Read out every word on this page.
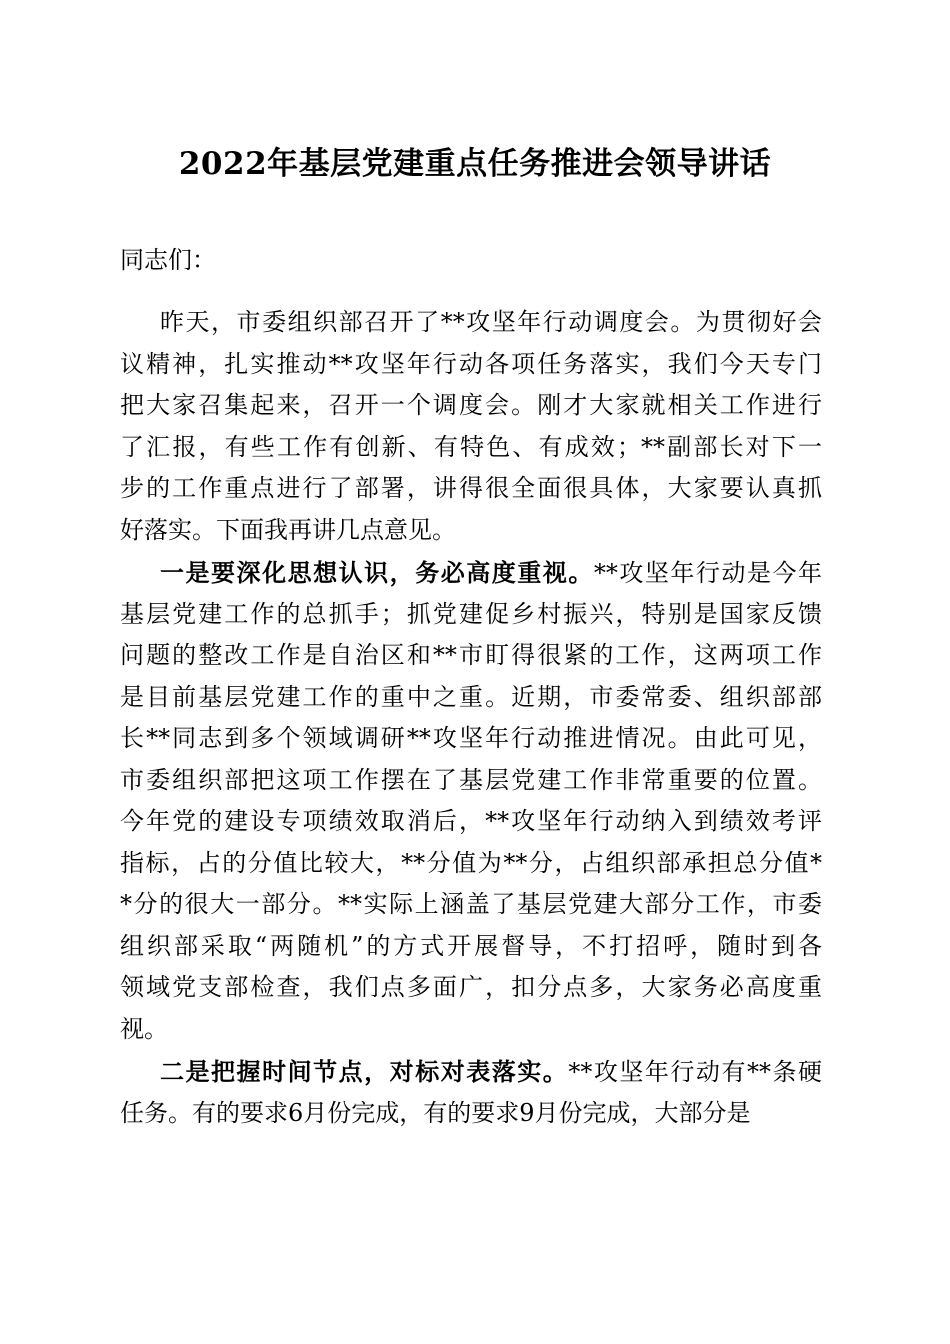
2022年基层党建重点任务推进会领导讲话
同志们：
昨天，市委组织部召开了**攻坚年行动调度会。为贯彻好会
议精神，扎实推动**攻坚年行动各项任务落实，我们今天专门
把大家召集起来，召开一个调度会。刚才大家就相关工作进行
了汇报，有些工作有创新、有特色、有成效；**副部长对下一
步的工作重点进行了部署，讲得很全面很具体，大家要认真抓
好落实。下面我再讲几点意见。
一是要深化思想认识，务必高度重视。**攻坚年行动是今年
基层党建工作的总抓手；抓党建促乡村振兴，特别是国家反馈
问题的整改工作是自治区和**市盯得很紧的工作，这两项工作
是目前基层党建工作的重中之重。近期，市委常委、组织部部
长**同志到多个领域调研**攻坚年行动推进情况。由此可见，
市委组织部把这项工作摆在了基层党建工作非常重要的位置。
今年党的建设专项绩效取消后，**攻坚年行动纳入到绩效考评
指标，占的分值比较大，**分值为**分，占组织部承担总分值*
*分的很大一部分。**实际上涵盖了基层党建大部分工作，市委
组织部采取“两随机”的方式开展督导，不打招呼，随时到各
领域党支部检查，我们点多面广，扣分点多，大家务必高度重
视。
二是把握时间节点，对标对表落实。**攻坚年行动有**条硬
任务。有的要求6月份完成，有的要求9月份完成，大部分是
